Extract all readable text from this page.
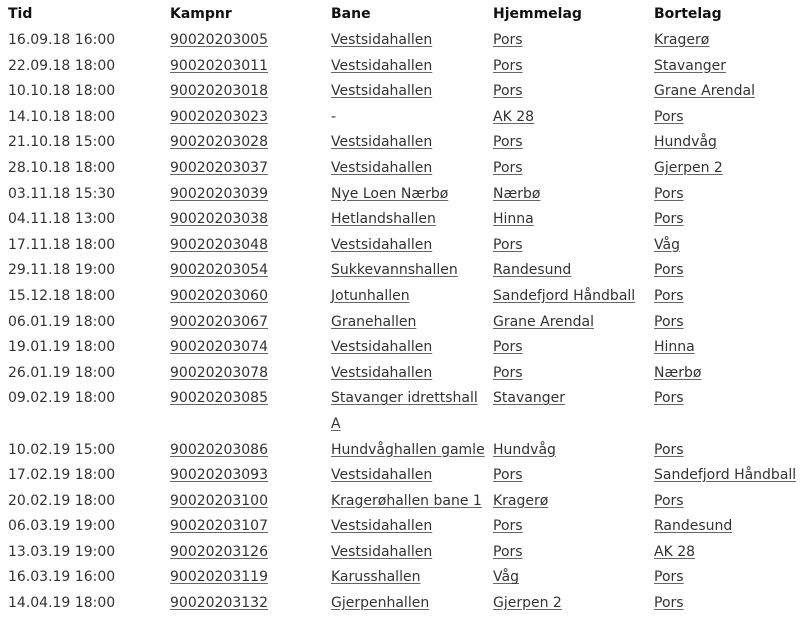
Tid	Kampnr	Bane	Hjemmelag	Bortelag
16.09.18 16:00	90020203005	Vestsidahallen	Pors	Kragerø
22.09.18 18:00	90020203011	Vestsidahallen	Pors	Stavanger
10.10.18 18:00	90020203018	Vestsidahallen	Pors	Grane Arendal
14.10.18 18:00	90020203023	-	AK 28	Pors
21.10.18 15:00	90020203028	Vestsidahallen	Pors	Hundvåg
28.10.18 18:00	90020203037	Vestsidahallen	Pors	Gjerpen 2
03.11.18 15:30	90020203039	Nye Loen Nærbø	Nærbø	Pors
04.11.18 13:00	90020203038	Hetlandshallen	Hinna	Pors
17.11.18 18:00	90020203048	Vestsidahallen	Pors	Våg
29.11.18 19:00	90020203054	Sukkevannshallen	Randesund	Pors
15.12.18 18:00	90020203060	Jotunhallen	Sandefjord Håndball	Pors
06.01.19 18:00	90020203067	Granehallen	Grane Arendal	Pors
19.01.19 18:00	90020203074	Vestsidahallen	Pors	Hinna
26.01.19 18:00	90020203078	Vestsidahallen	Pors	Nærbø
09.02.19 18:00	90020203085	Stavanger idrettshall A	Stavanger	Pors
10.02.19 15:00	90020203086	Hundvåghallen gamle	Hundvåg	Pors
17.02.19 18:00	90020203093	Vestsidahallen	Pors	Sandefjord Håndball
20.02.19 18:00	90020203100	Kragerøhallen bane 1	Kragerø	Pors
06.03.19 19:00	90020203107	Vestsidahallen	Pors	Randesund
13.03.19 19:00	90020203126	Vestsidahallen	Pors	AK 28
16.03.19 16:00	90020203119	Karusshallen	Våg	Pors
14.04.19 18:00	90020203132	Gjerpenhallen	Gjerpen 2	Pors
